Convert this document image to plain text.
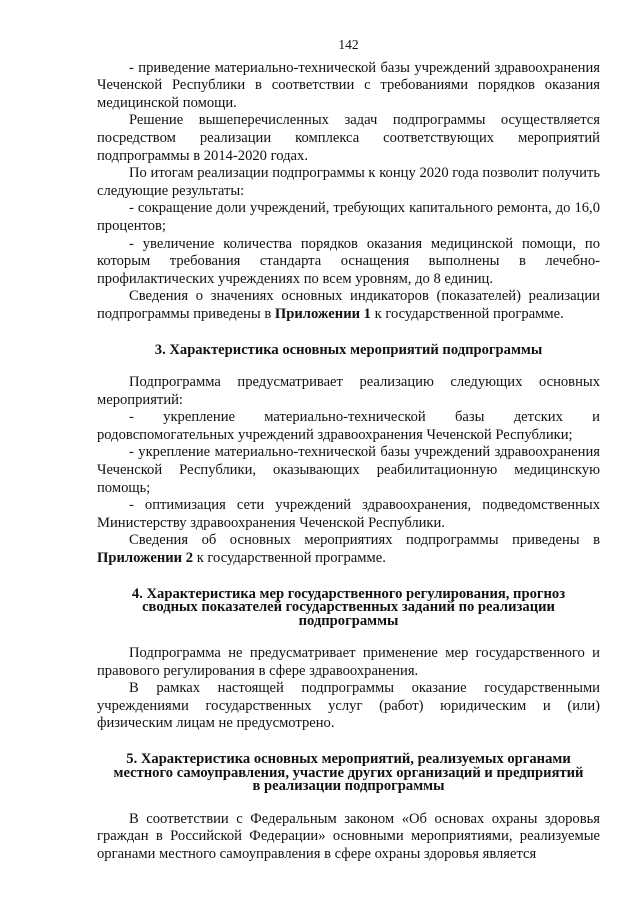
142

- приведение материально-технической базы учреждений здравоохранения Чеченской Республики в соответствии с требованиями порядков оказания медицинской помощи.

Решение вышеперечисленных задач подпрограммы осуществляется посредством реализации комплекса соответствующих мероприятий подпрограммы в 2014-2020 годах.

По итогам реализации подпрограммы к концу 2020 года позволит получить следующие результаты:

- сокращение доли учреждений, требующих капитального ремонта, до 16,0 процентов;

- увеличение количества порядков оказания медицинской помощи, по которым требования стандарта оснащения выполнены в лечебно-профилактических учреждениях по всем уровням, до 8 единиц.

Сведения о значениях основных индикаторов (показателей) реализации подпрограммы приведены в Приложении 1 к государственной программе.

3. Характеристика основных мероприятий подпрограммы

Подпрограмма предусматривает реализацию следующих основных мероприятий:

- укрепление материально-технической базы детских и родовспомогательных учреждений здравоохранения Чеченской Республики;

- укрепление материально-технической базы учреждений здравоохранения Чеченской Республики, оказывающих реабилитационную медицинскую помощь;

- оптимизация сети учреждений здравоохранения, подведомственных Министерству здравоохранения Чеченской Республики.

Сведения об основных мероприятиях подпрограммы приведены в Приложении 2 к государственной программе.

4. Характеристика мер государственного регулирования, прогноз
сводных показателей государственных заданий по реализации
подпрограммы

Подпрограмма не предусматривает применение мер государственного и правового регулирования в сфере здравоохранения.

В рамках настоящей подпрограммы оказание государственными учреждениями государственных услуг (работ) юридическим и (или) физическим лицам не предусмотрено.

5. Характеристика основных мероприятий, реализуемых органами
местного самоуправления, участие других организаций и предприятий
в реализации подпрограммы

В соответствии с Федеральным законом «Об основах охраны здоровья граждан в Российской Федерации» основными мероприятиями, реализуемые органами местного самоуправления в сфере охраны здоровья является
